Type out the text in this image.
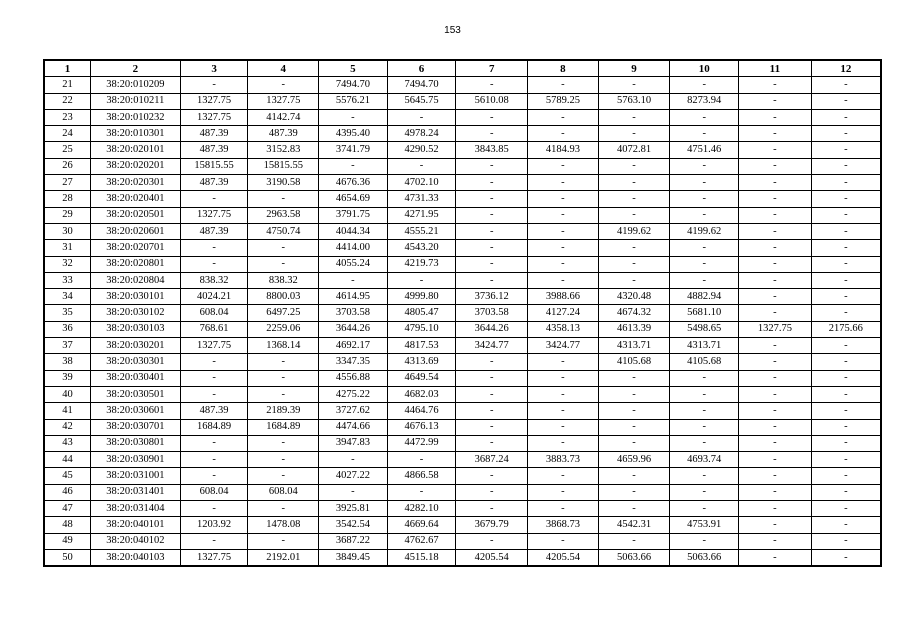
153
1	2	3	4	5	6	7	8	9	10	11	12
21	38:20:010209	-	-	7494.70	7494.70	-	-	-	-	-	-
22	38:20:010211	1327.75	1327.75	5576.21	5645.75	5610.08	5789.25	5763.10	8273.94	-	-
23	38:20:010232	1327.75	4142.74	-	-	-	-	-	-	-	-
24	38:20:010301	487.39	487.39	4395.40	4978.24	-	-	-	-	-	-
25	38:20:020101	487.39	3152.83	3741.79	4290.52	3843.85	4184.93	4072.81	4751.46	-	-
26	38:20:020201	15815.55	15815.55	-	-	-	-	-	-	-	-
27	38:20:020301	487.39	3190.58	4676.36	4702.10	-	-	-	-	-	-
28	38:20:020401	-	-	4654.69	4731.33	-	-	-	-	-	-
29	38:20:020501	1327.75	2963.58	3791.75	4271.95	-	-	-	-	-	-
30	38:20:020601	487.39	4750.74	4044.34	4555.21	-	-	4199.62	4199.62	-	-
31	38:20:020701	-	-	4414.00	4543.20	-	-	-	-	-	-
32	38:20:020801	-	-	4055.24	4219.73	-	-	-	-	-	-
33	38:20:020804	838.32	838.32	-	-	-	-	-	-	-	-
34	38:20:030101	4024.21	8800.03	4614.95	4999.80	3736.12	3988.66	4320.48	4882.94	-	-
35	38:20:030102	608.04	6497.25	3703.58	4805.47	3703.58	4127.24	4674.32	5681.10	-	-
36	38:20:030103	768.61	2259.06	3644.26	4795.10	3644.26	4358.13	4613.39	5498.65	1327.75	2175.66
37	38:20:030201	1327.75	1368.14	4692.17	4817.53	3424.77	3424.77	4313.71	4313.71	-	-
38	38:20:030301	-	-	3347.35	4313.69	-	-	4105.68	4105.68	-	-
39	38:20:030401	-	-	4556.88	4649.54	-	-	-	-	-	-
40	38:20:030501	-	-	4275.22	4682.03	-	-	-	-	-	-
41	38:20:030601	487.39	2189.39	3727.62	4464.76	-	-	-	-	-	-
42	38:20:030701	1684.89	1684.89	4474.66	4676.13	-	-	-	-	-	-
43	38:20:030801	-	-	3947.83	4472.99	-	-	-	-	-	-
44	38:20:030901	-	-	-	-	3687.24	3883.73	4659.96	4693.74	-	-
45	38:20:031001	-	-	4027.22	4866.58	-	-	-	-	-	-
46	38:20:031401	608.04	608.04	-	-	-	-	-	-	-	-
47	38:20:031404	-	-	3925.81	4282.10	-	-	-	-	-	-
48	38:20:040101	1203.92	1478.08	3542.54	4669.64	3679.79	3868.73	4542.31	4753.91	-	-
49	38:20:040102	-	-	3687.22	4762.67	-	-	-	-	-	-
50	38:20:040103	1327.75	2192.01	3849.45	4515.18	4205.54	4205.54	5063.66	5063.66	-	-
